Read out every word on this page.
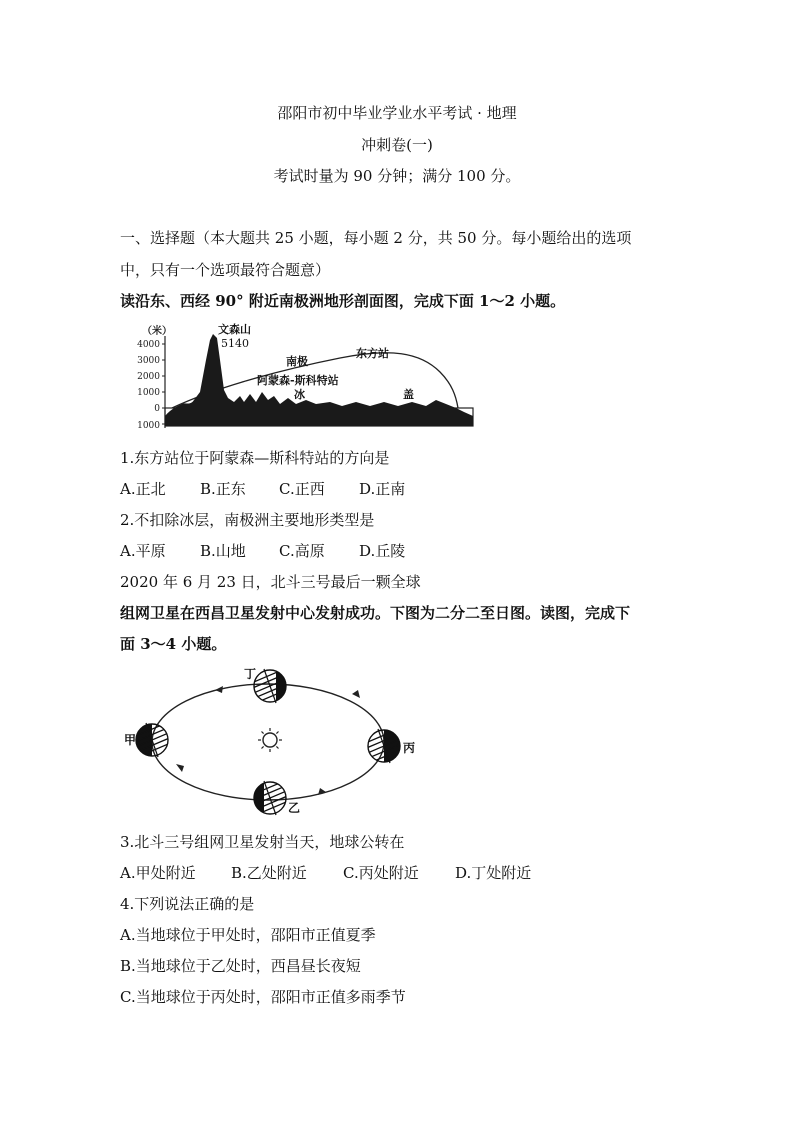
邵阳市初中毕业学业水平考试 · 地理
冲刺卷(一)
考试时量为 90 分钟；满分 100 分。
一、选择题（本大题共 25 小题，每小题 2 分，共 50 分。每小题给出的选项
中，只有一个选项最符合题意）
读沿东、西经 90° 附近南极洲地形剖面图，完成下面 1～2 小题。
4000
3000
2000
1000
0
1000
（米）	文森山
5140
南极
东方站
阿蒙森-斯科特站
冰	盖
1.东方站位于阿蒙森—斯科特站的方向是
A.正北 B.正东 C.正西 D.正南
2.不扣除冰层，南极洲主要地形类型是
A.平原 B.山地 C.高原 D.丘陵
2020 年 6 月 23 日，北斗三号最后一颗全球
组网卫星在西昌卫星发射中心发射成功。下图为二分二至日图。读图，完成下
面 3～4 小题。
甲
乙
丙
丁
3.北斗三号组网卫星发射当天，地球公转在
A.甲处附近 B.乙处附近 C.丙处附近 D.丁处附近
4.下列说法正确的是
A.当地球位于甲处时，邵阳市正值夏季
B.当地球位于乙处时，西昌昼长夜短
C.当地球位于丙处时，邵阳市正值多雨季节
